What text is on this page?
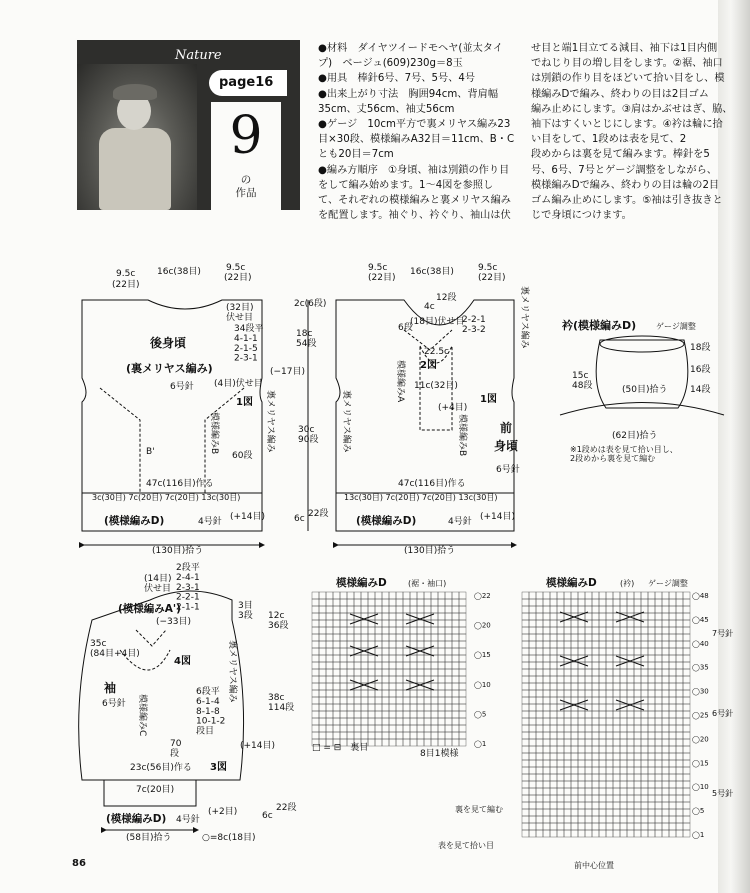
Nature
page16
9
の
作品
●材料　ダイヤツイードモヘヤ(並太タイ
プ)　ベージュ(609)230g＝8玉
●用具　棒針6号、7号、5号、4号
●出来上がり寸法　胸囲94cm、背肩幅
35cm、丈56cm、袖丈56cm
●ゲージ　10cm平方で裏メリヤス編み23
目×30段、模様編みA32目＝11cm、B・C
とも20目＝7cm
●編み方順序　①身頃、袖は別鎖の作り目
をして編み始めます。1～4図を参照し
て、それぞれの模様編みと裏メリヤス編み
を配置します。袖ぐり、衿ぐり、袖山は伏
せ目と端1目立てる減目、袖下は1目内側
でねじり目の増し目をします。②裾、袖口
は別鎖の作り目をほどいて拾い目をし、模
様編みDで編み、終わりの目は2目ゴム
編み止めにします。③肩はかぶせはぎ、脇、
袖下はすくいとじにします。④衿は輪に拾
い目をして、1段めは表を見て、2
段めからは裏を見て編みます。棒針を5
号、6号、7号とゲージ調整をしながら、
模様編みDで編み、終わりの目は輪の2目
ゴム編み止めにします。⑤袖は引き抜きと
じで身頃につけます。
9.5c
(22目)
16c(38目)	9.5c
(22目)
後身頃
(裏メリヤス編み)
6号針
(32目)伏せ目
34段平 4-1-1 2-1-5 2-3-1
(4目)伏せ目
1図
B'	模様編みB	裏メリヤス編み
2c(6段)
18c 54段
(−17目)
30c 90段
60段
47c(116目)作る
3c(30目) 7c(20目) 7c(20目) 13c(30目)
(模様編みD)	4号針 (+14目)	6c 22段
(130目)拾う
9.5c
(22目)
16c(38目)	9.5c
(22目)
12段
4c
(18目)伏せ目
2-2-1 2-3-2
6段
2図
22.5c
11c(32目)
模様編みA
模様編みB
1図
前
身頃
6号針
裏メリヤス編み
裏メリヤス編み
(+4目)
47c(116目)作る
13c(30目) 7c(20目) 7c(20目) 13c(30目)
(模様編みD)	4号針 (+14目)
(130目)拾う
衿(模様編みD) ゲージ調整
15c 48段
18段
16段
14段
(50目)拾う
(62目)拾う
※1段めは表を見て拾い目し、 2段めから裏を見て編む
(14目)伏せ目
2段平 2-4-1 2-3-1 2-2-1 2-1-1
(模様編みA')
(−33目)
3目 3段
35c (84目+4目)
4図
袖
6号針 模様編みC
裏メリヤス編み
12c 36段
38c 114段
(+14目)
6段平 6-1-4 8-1-8 10-1-2 段目
70 段
3図
23c(56目)作る
7c(20目)
(模様編みD) 4号針
(+2目)	6c
22段
(58目)拾う	○=8c(18目)
◯22
◯20
◯15
◯10
◯5
◯1
模様編みD	(裾・袖口)
□ = ⊟　裏目
8目1模様
◯48
◯45
◯40
◯35
◯30
◯25
◯20
◯15
◯10
◯5
◯1
7号針
6号針
5号針
模様編みD	(衿) ゲージ調整
裏を見て編む
表を見て拾い目
前中心位置
86
